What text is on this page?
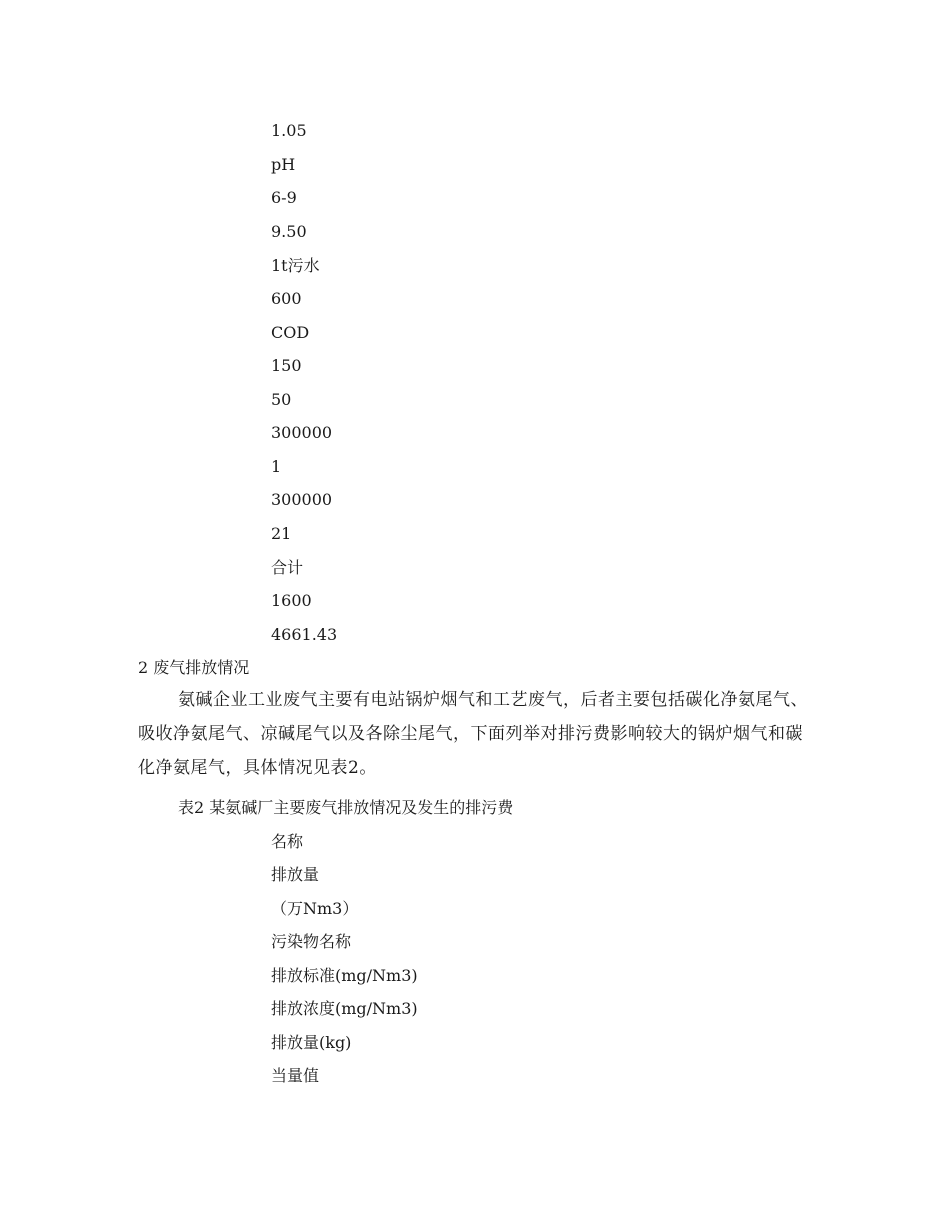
1.05
pH
6-9
9.50
1t污水
600
COD
150
50
300000
1
300000
21
合计
1600
4661.43
2 废气排放情况
氨碱企业工业废气主要有电站锅炉烟气和工艺废气，后者主要包括碳化净氨尾气、吸收净氨尾气、凉碱尾气以及各除尘尾气，下面列举对排污费影响较大的锅炉烟气和碳化净氨尾气，具体情况见表2。
表2 某氨碱厂主要废气排放情况及发生的排污费
名称
排放量
（万Nm3）
污染物名称
排放标准(mg/Nm3)
排放浓度(mg/Nm3)
排放量(kg)
当量值
